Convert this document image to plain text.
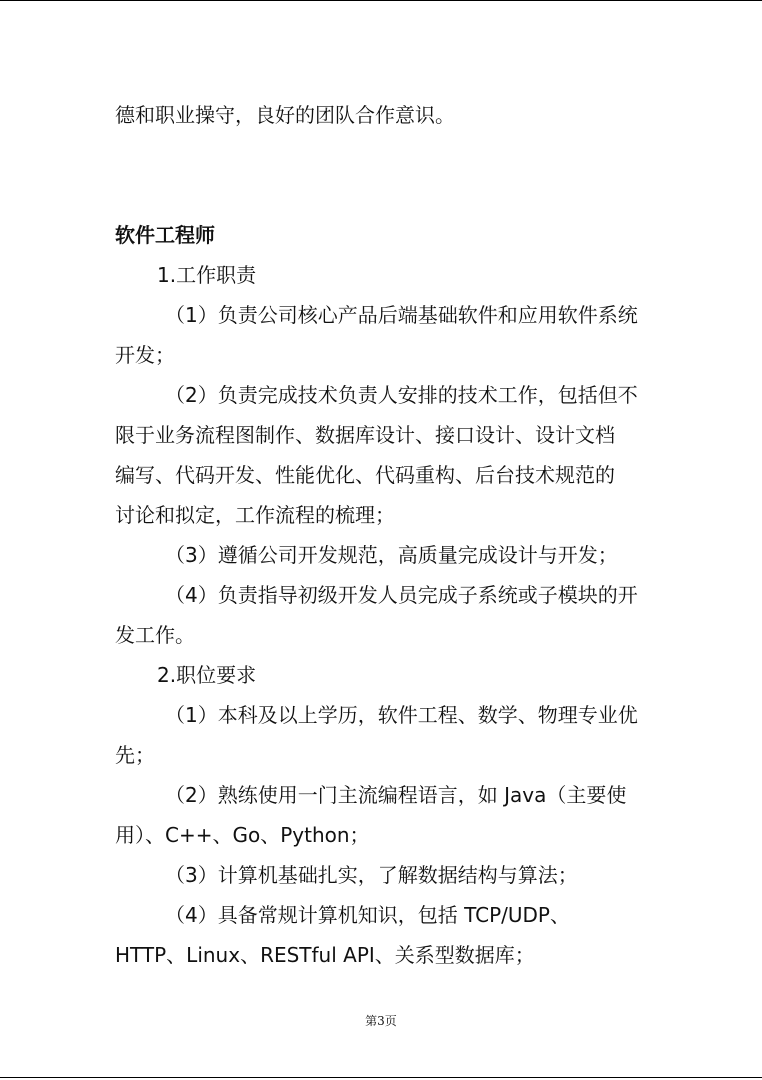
德和职业操守，良好的团队合作意识。
软件工程师
1.工作职责
（1）负责公司核心产品后端基础软件和应用软件系统
开发；
（2）负责完成技术负责人安排的技术工作，包括但不
限于业务流程图制作、数据库设计、接口设计、设计文档
编写、代码开发、性能优化、代码重构、后台技术规范的
讨论和拟定，工作流程的梳理；
（3）遵循公司开发规范，高质量完成设计与开发；
（4）负责指导初级开发人员完成子系统或子模块的开
发工作。
2.职位要求
（1）本科及以上学历，软件工程、数学、物理专业优
先；
（2）熟练使用一门主流编程语言，如 Java（主要使
用）、C++、Go、Python；
（3）计算机基础扎实，了解数据结构与算法；
（4）具备常规计算机知识，包括 TCP/UDP、
HTTP、Linux、RESTful API、关系型数据库；
第3页
